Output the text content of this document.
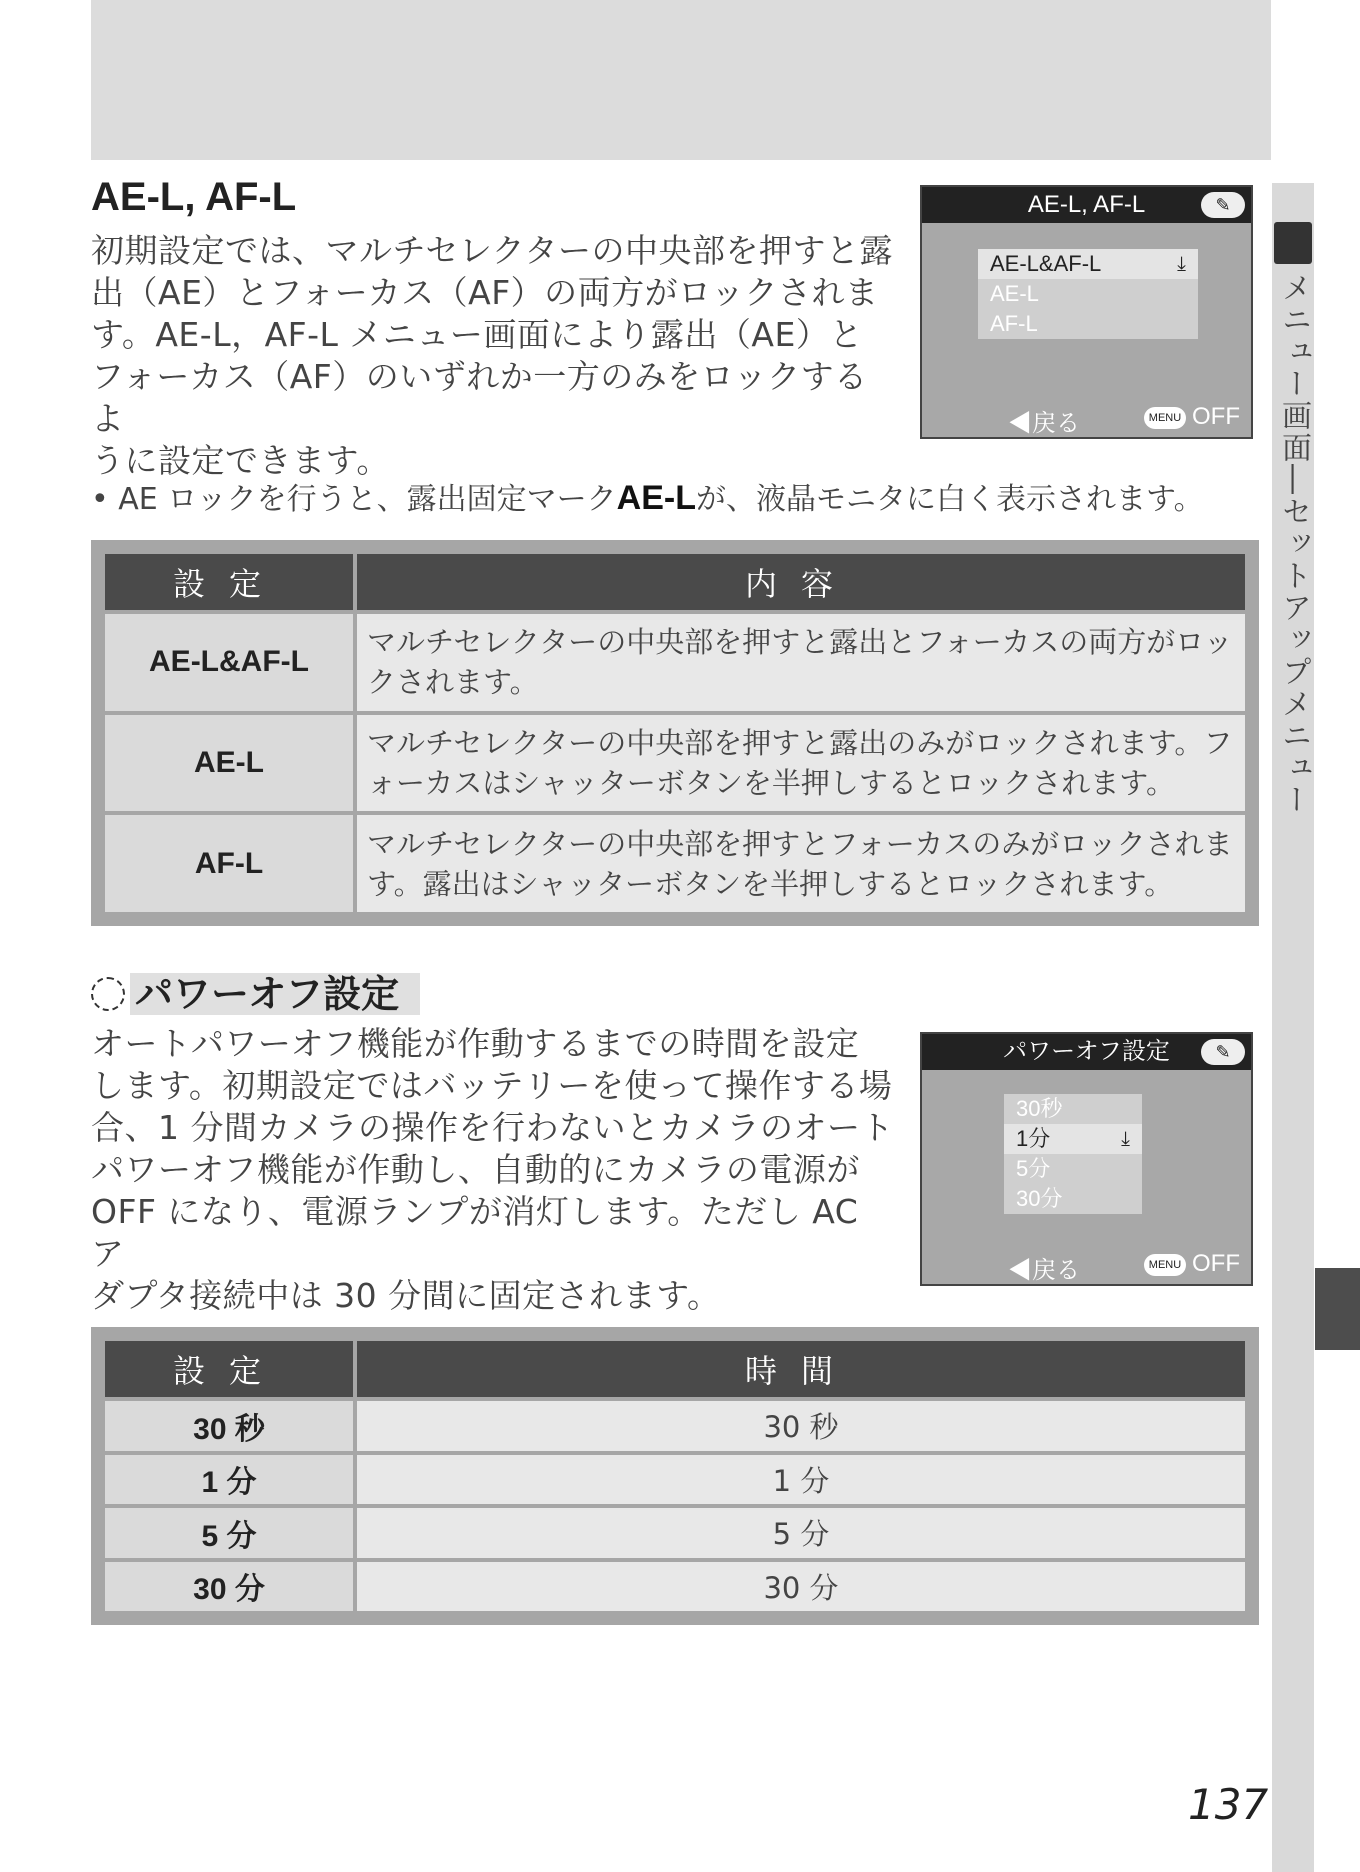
メニュー画面―セットアップメニュー
AE-L, AF-L

初期設定では、マルチセレクターの中央部を押すと露
出（AE）とフォーカス（AF）の両方がロックされま
す。AE-L，AF-L メニュー画面により露出（AE）と
フォーカス（AF）のいずれか一方のみをロックするよ
うに設定できます。

AE-L, AF-L	✎
AE-L&AF-L	⤓
AE-L
AF-L
◀戻る	MENU OFF
• AE ロックを行うと、露出固定マークAE-Lが、液晶モニタに白く表示されます。
設定	内容
AE-L&AF-L	マルチセレクターの中央部を押すと露出とフォーカスの両方がロックされます。
AE-L	マルチセレクターの中央部を押すと露出のみがロックされます。フォーカスはシャッターボタンを半押しするとロックされます。
AF-L	マルチセレクターの中央部を押すとフォーカスのみがロックされます。露出はシャッターボタンを半押しするとロックされます。
パワーオフ設定

オートパワーオフ機能が作動するまでの時間を設定
します。初期設定ではバッテリーを使って操作する場
合、1 分間カメラの操作を行わないとカメラのオート
パワーオフ機能が作動し、自動的にカメラの電源が
OFF になり、電源ランプが消灯します。ただし AC ア
ダプタ接続中は 30 分間に固定されます。

パワーオフ設定	✎
30秒
1分	⤓
5分
30分
◀戻る	MENU OFF
設定	時間
30 秒	30 秒
1 分	1 分
5 分	5 分
30 分	30 分
137
